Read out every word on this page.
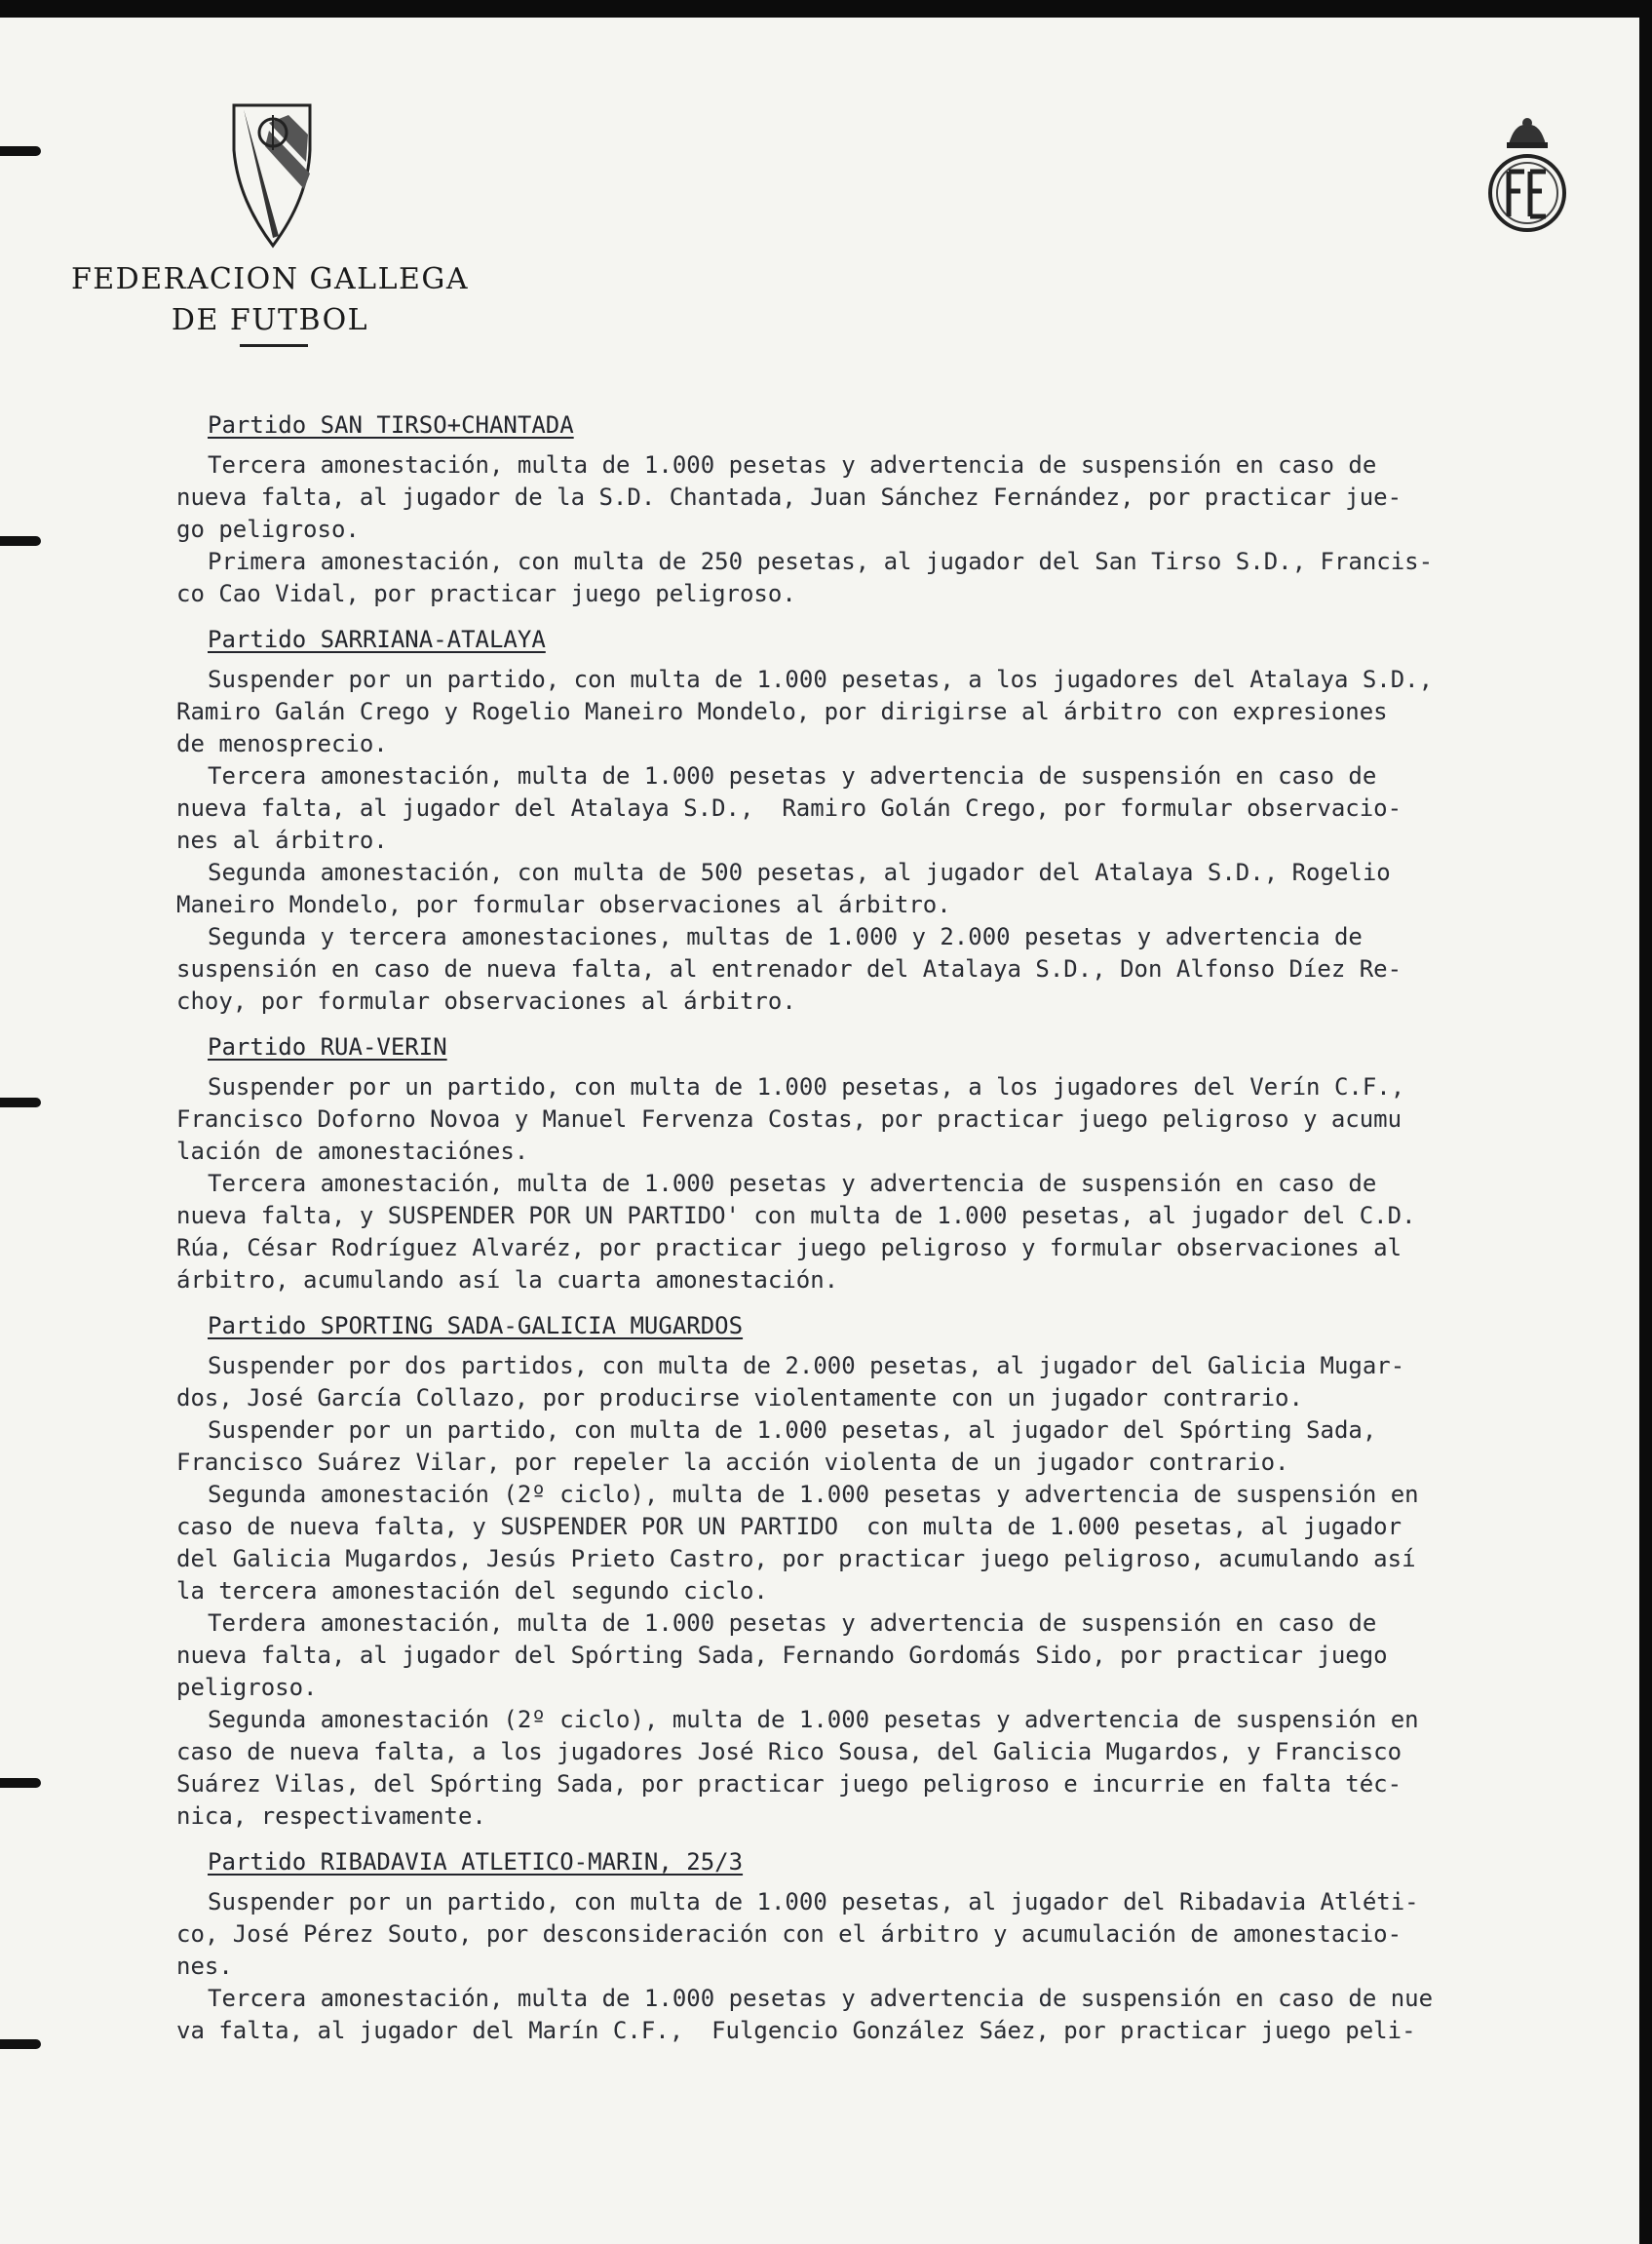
FEDERACION GALLEGA
DE FUTBOL
Partido SAN TIRSO+CHANTADA
Tercera amonestación, multa de 1.000 pesetas y advertencia de suspensión en caso de
nueva falta, al jugador de la S.D. Chantada, Juan Sánchez Fernández, por practicar jue-
go peligroso.
Primera amonestación, con multa de 250 pesetas, al jugador del San Tirso S.D., Francis-
co Cao Vidal, por practicar juego peligroso.
Partido SARRIANA-ATALAYA
Suspender por un partido, con multa de 1.000 pesetas, a los jugadores del Atalaya S.D.,
Ramiro Galán Crego y Rogelio Maneiro Mondelo, por dirigirse al árbitro con expresiones
de menosprecio.
Tercera amonestación, multa de 1.000 pesetas y advertencia de suspensión en caso de
nueva falta, al jugador del Atalaya S.D.,  Ramiro Golán Crego, por formular observacio-
nes al árbitro.
Segunda amonestación, con multa de 500 pesetas, al jugador del Atalaya S.D., Rogelio
Maneiro Mondelo, por formular observaciones al árbitro.
Segunda y tercera amonestaciones, multas de 1.000 y 2.000 pesetas y advertencia de
suspensión en caso de nueva falta, al entrenador del Atalaya S.D., Don Alfonso Díez Re-
choy, por formular observaciones al árbitro.
Partido RUA-VERIN
Suspender por un partido, con multa de 1.000 pesetas, a los jugadores del Verín C.F.,
Francisco Doforno Novoa y Manuel Fervenza Costas, por practicar juego peligroso y acumu
lación de amonestaciónes.
Tercera amonestación, multa de 1.000 pesetas y advertencia de suspensión en caso de
nueva falta, y SUSPENDER POR UN PARTIDO' con multa de 1.000 pesetas, al jugador del C.D.
Rúa, César Rodríguez Alvaréz, por practicar juego peligroso y formular observaciones al
árbitro, acumulando así la cuarta amonestación.
Partido SPORTING SADA-GALICIA MUGARDOS
Suspender por dos partidos, con multa de 2.000 pesetas, al jugador del Galicia Mugar-
dos, José García Collazo, por producirse violentamente con un jugador contrario.
Suspender por un partido, con multa de 1.000 pesetas, al jugador del Spórting Sada,
Francisco Suárez Vilar, por repeler la acción violenta de un jugador contrario.
Segunda amonestación (2º ciclo), multa de 1.000 pesetas y advertencia de suspensión en
caso de nueva falta, y SUSPENDER POR UN PARTIDO  con multa de 1.000 pesetas, al jugador
del Galicia Mugardos, Jesús Prieto Castro, por practicar juego peligroso, acumulando así
la tercera amonestación del segundo ciclo.
Terdera amonestación, multa de 1.000 pesetas y advertencia de suspensión en caso de
nueva falta, al jugador del Spórting Sada, Fernando Gordomás Sido, por practicar juego
peligroso.
Segunda amonestación (2º ciclo), multa de 1.000 pesetas y advertencia de suspensión en
caso de nueva falta, a los jugadores José Rico Sousa, del Galicia Mugardos, y Francisco
Suárez Vilas, del Spórting Sada, por practicar juego peligroso e incurrie en falta téc-
nica, respectivamente.
Partido RIBADAVIA ATLETICO-MARIN, 25/3
Suspender por un partido, con multa de 1.000 pesetas, al jugador del Ribadavia Atléti-
co, José Pérez Souto, por desconsideración con el árbitro y acumulación de amonestacio-
nes.
Tercera amonestación, multa de 1.000 pesetas y advertencia de suspensión en caso de nue
va falta, al jugador del Marín C.F.,  Fulgencio González Sáez, por practicar juego peli-
